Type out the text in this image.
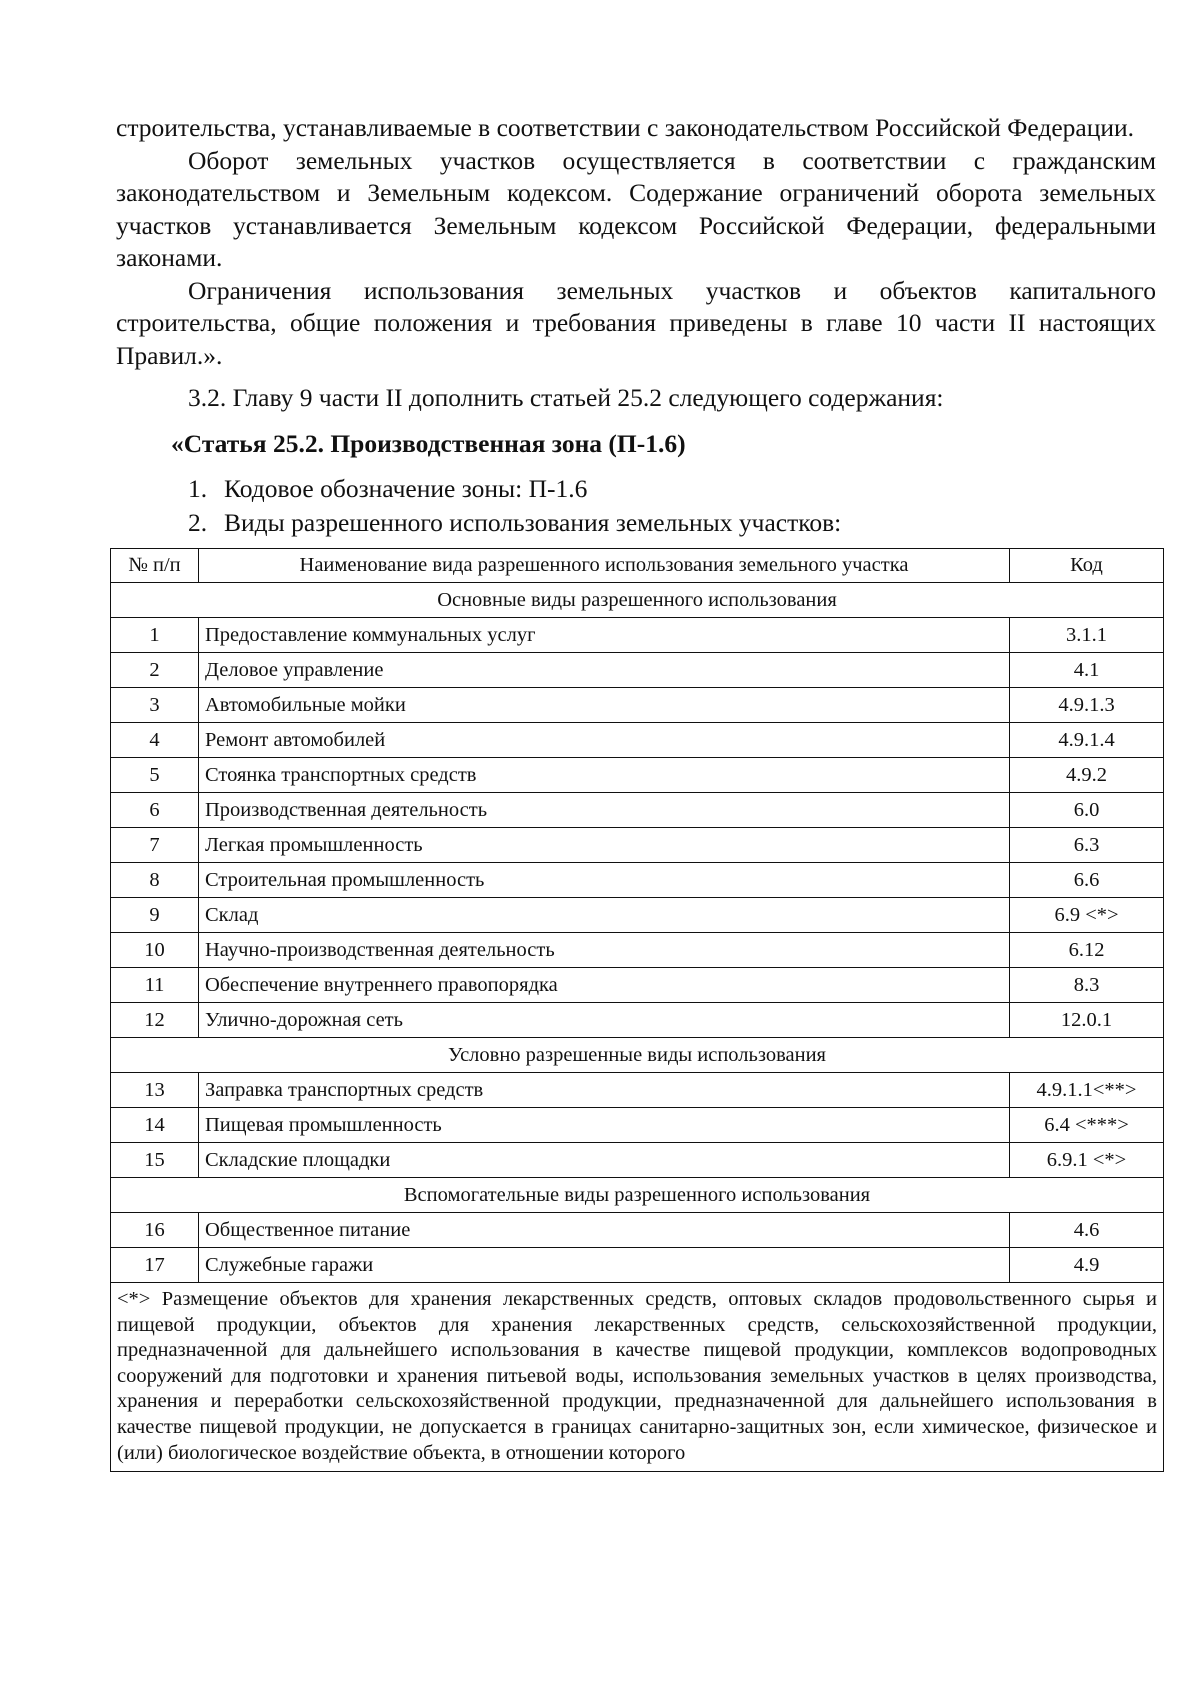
строительства, устанавливаемые в соответствии с законодательством Российской Федерации.

Оборот земельных участков осуществляется в соответствии с гражданским законодательством и Земельным кодексом. Содержание ограничений оборота земельных участков устанавливается Земельным кодексом Российской Федерации, федеральными законами.

Ограничения использования земельных участков и объектов капитального строительства, общие положения и требования приведены в главе 10 части II настоящих Правил.».

3.2. Главу 9 части II дополнить статьей 25.2 следующего содержания:
«Статья 25.2. Производственная зона (П-1.6)
1. Кодовое обозначение зоны: П-1.6
2. Виды разрешенного использования земельных участков:
№ п/п	Наименование вида разрешенного использования земельного участка	Код
Основные виды разрешенного использования		
1	Предоставление коммунальных услуг	3.1.1
2	Деловое управление	4.1
3	Автомобильные мойки	4.9.1.3
4	Ремонт автомобилей	4.9.1.4
5	Стоянка транспортных средств	4.9.2
6	Производственная деятельность	6.0
7	Легкая промышленность	6.3
8	Строительная промышленность	6.6
9	Склад	6.9 <*>
10	Научно-производственная деятельность	6.12
11	Обеспечение внутреннего правопорядка	8.3
12	Улично-дорожная сеть	12.0.1
Условно разрешенные виды использования		
13	Заправка транспортных средств	4.9.1.1<**>
14	Пищевая промышленность	6.4 <***>
15	Складские площадки	6.9.1 <*>
Вспомогательные виды разрешенного использования		
16	Общественное питание	4.6
17	Служебные гаражи	4.9
<*> Размещение объектов для хранения лекарственных средств, оптовых складов продовольственного сырья и пищевой продукции, объектов для хранения лекарственных средств, сельскохозяйственной продукции, предназначенной для дальнейшего использования в качестве пищевой продукции, комплексов водопроводных сооружений для подготовки и хранения питьевой воды, использования земельных участков в целях производства, хранения и переработки сельскохозяйственной продукции, предназначенной для дальнейшего использования в качестве пищевой продукции, не допускается в границах санитарно-защитных зон, если химическое, физическое и (или) биологическое воздействие объекта, в отношении которого		
